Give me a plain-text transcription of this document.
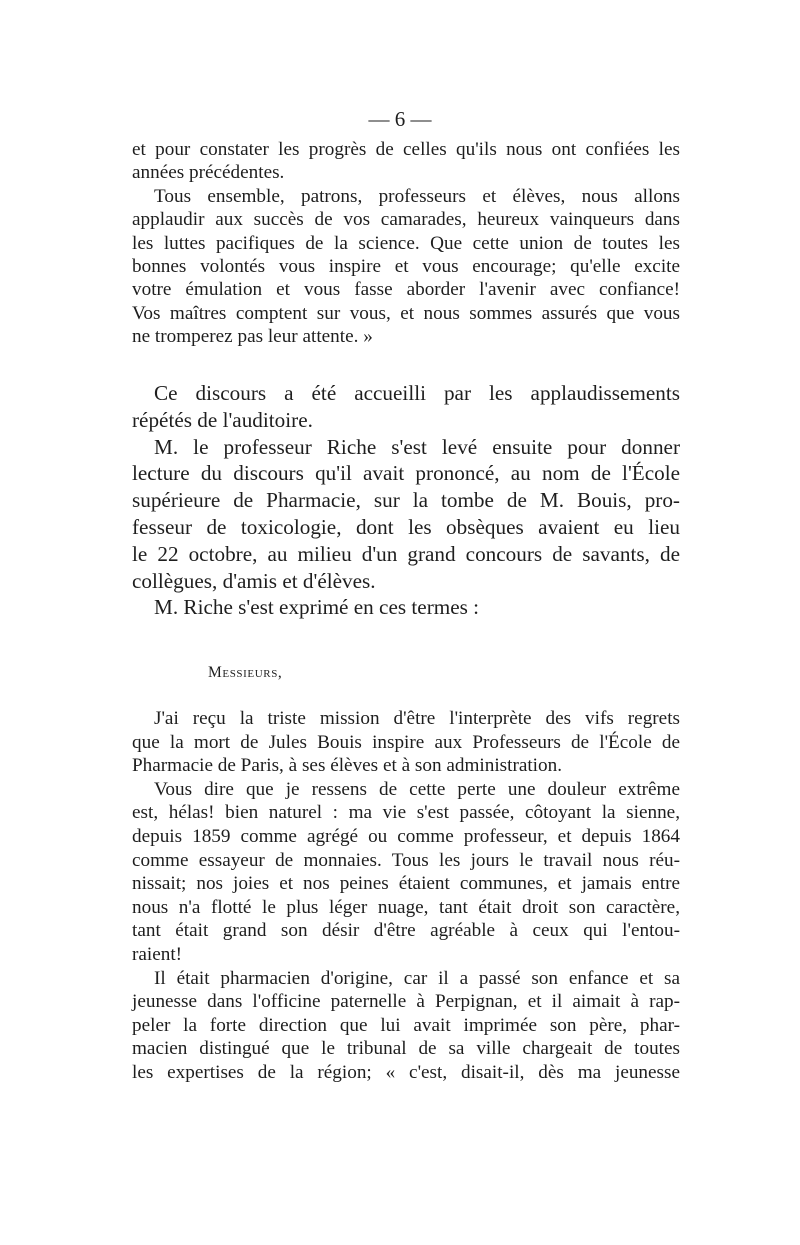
— 6 —
et pour constater les progrès de celles qu'ils nous ont confiées les
années précédentes.
Tous ensemble, patrons, professeurs et élèves, nous allons
applaudir aux succès de vos camarades, heureux vainqueurs dans
les luttes pacifiques de la science. Que cette union de toutes les
bonnes volontés vous inspire et vous encourage; qu'elle excite
votre émulation et vous fasse aborder l'avenir avec confiance!
Vos maîtres comptent sur vous, et nous sommes assurés que vous
ne tromperez pas leur attente. »
Ce discours a été accueilli par les applaudissements
répétés de l'auditoire.
M. le professeur Riche s'est levé ensuite pour donner
lecture du discours qu'il avait prononcé, au nom de l'École
supérieure de Pharmacie, sur la tombe de M. Bouis, pro-
fesseur de toxicologie, dont les obsèques avaient eu lieu
le 22 octobre, au milieu d'un grand concours de savants, de
collègues, d'amis et d'élèves.
M. Riche s'est exprimé en ces termes :
Messieurs,
J'ai reçu la triste mission d'être l'interprète des vifs regrets
que la mort de Jules Bouis inspire aux Professeurs de l'École de
Pharmacie de Paris, à ses élèves et à son administration.
Vous dire que je ressens de cette perte une douleur extrême
est, hélas! bien naturel : ma vie s'est passée, côtoyant la sienne,
depuis 1859 comme agrégé ou comme professeur, et depuis 1864
comme essayeur de monnaies. Tous les jours le travail nous réu-
nissait; nos joies et nos peines étaient communes, et jamais entre
nous n'a flotté le plus léger nuage, tant était droit son caractère,
tant était grand son désir d'être agréable à ceux qui l'entou-
raient!
Il était pharmacien d'origine, car il a passé son enfance et sa
jeunesse dans l'officine paternelle à Perpignan, et il aimait à rap-
peler la forte direction que lui avait imprimée son père, phar-
macien distingué que le tribunal de sa ville chargeait de toutes
les expertises de la région; « c'est, disait-il, dès ma jeunesse
